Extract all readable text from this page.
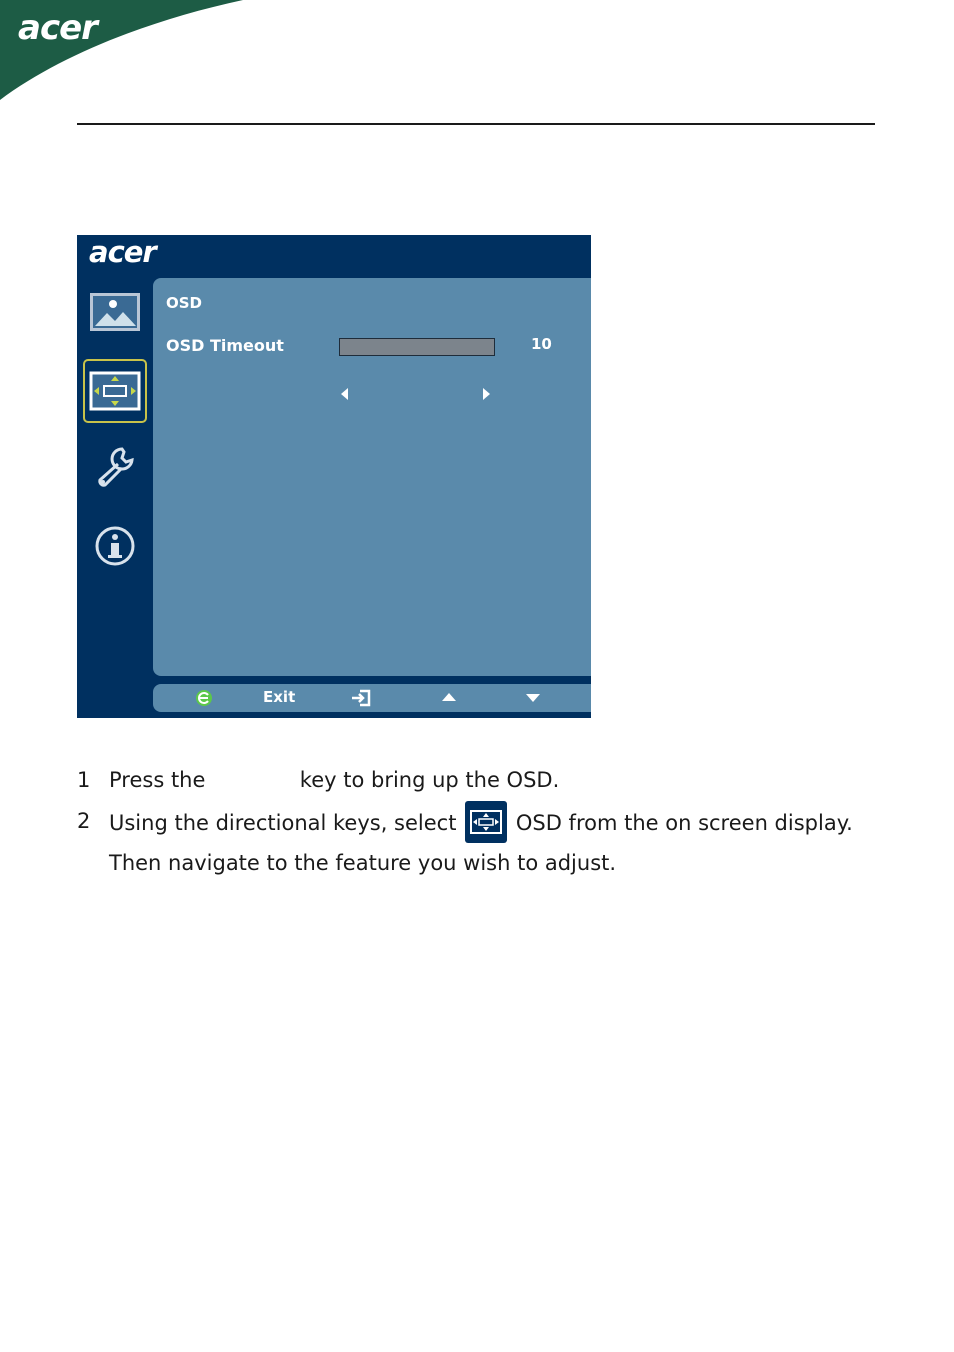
acer
acer
OSD
OSD Timeout	10
Exit
1 Press the	key to bring up the OSD.
2 Using the directional keys, select	OSD from the on screen display.
Then navigate to the feature you wish to adjust.
